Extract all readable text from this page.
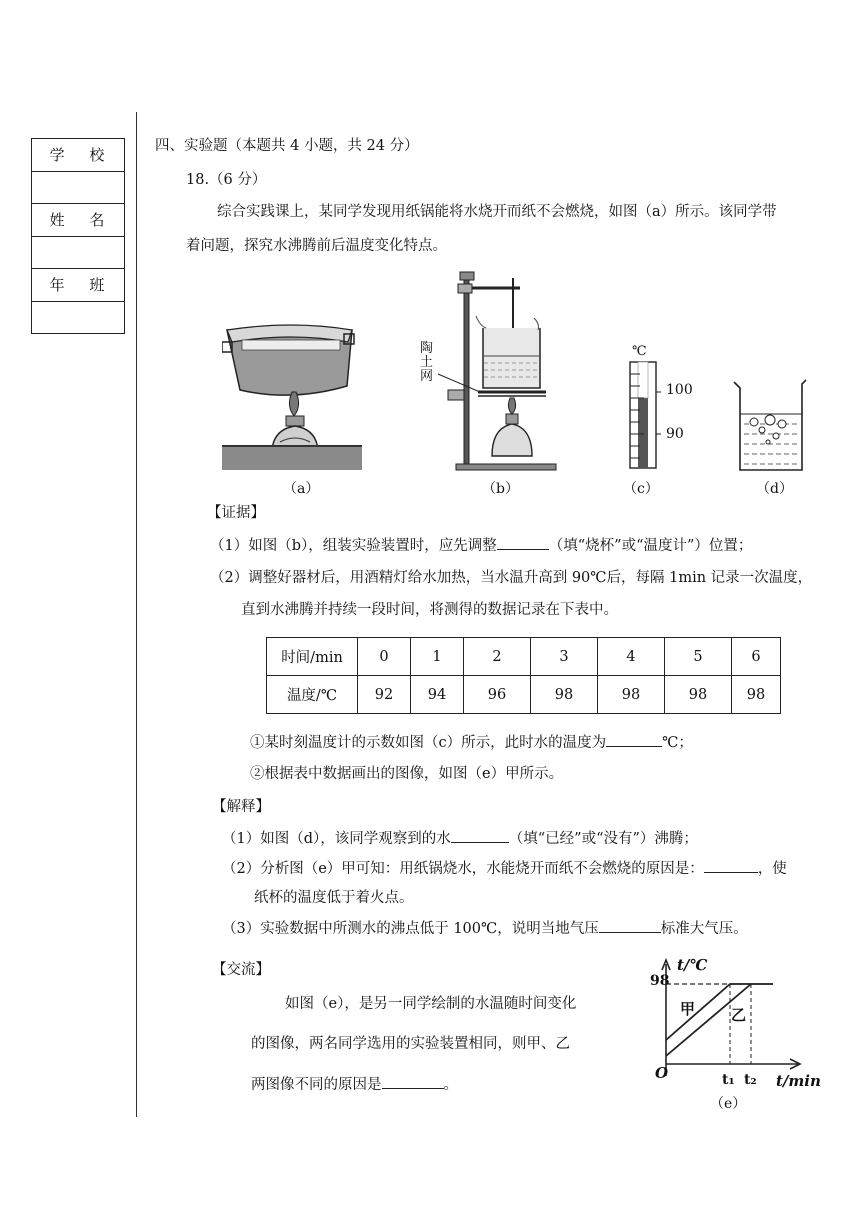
学 校

姓 名

年 班

四、实验题（本题共 4 小题，共 24 分）
18.（6 分）
综合实践课上，某同学发现用纸锅能将水烧开而纸不会燃烧，如图（a）所示。该同学带
着问题，探究水沸腾前后温度变化特点。
（a）
陶
土
网
（b）
℃
100
90
（c）	（d）
【证据】
（1）如图（b），组装实验装置时，应先调整	（填“烧杯”或“温度计”）位置；
（2）调整好器材后，用酒精灯给水加热，当水温升高到 90℃后，每隔 1min 记录一次温度，
直到水沸腾并持续一段时间，将测得的数据记录在下表中。
时间/min	0	1	2	3	4	5	6
温度/℃	92	94	96	98	98	98	98
①某时刻温度计的示数如图（c）所示，此时水的温度为	℃；
②根据表中数据画出的图像，如图（e）甲所示。
【解释】
（1）如图（d），该同学观察到的水	（填“已经”或“没有”）沸腾；
（2）分析图（e）甲可知：用纸锅烧水，水能烧开而纸不会燃烧的原因是：	，使
纸杯的温度低于着火点。
（3）实验数据中所测水的沸点低于 100℃，说明当地气压	标准大气压。
【交流】
如图（e），是另一同学绘制的水温随时间变化
的图像，两名同学选用的实验装置相同，则甲、乙
两图像不同的原因是	。
t/℃
98
甲 乙
O	t₁ t₂ t/min
（e）
